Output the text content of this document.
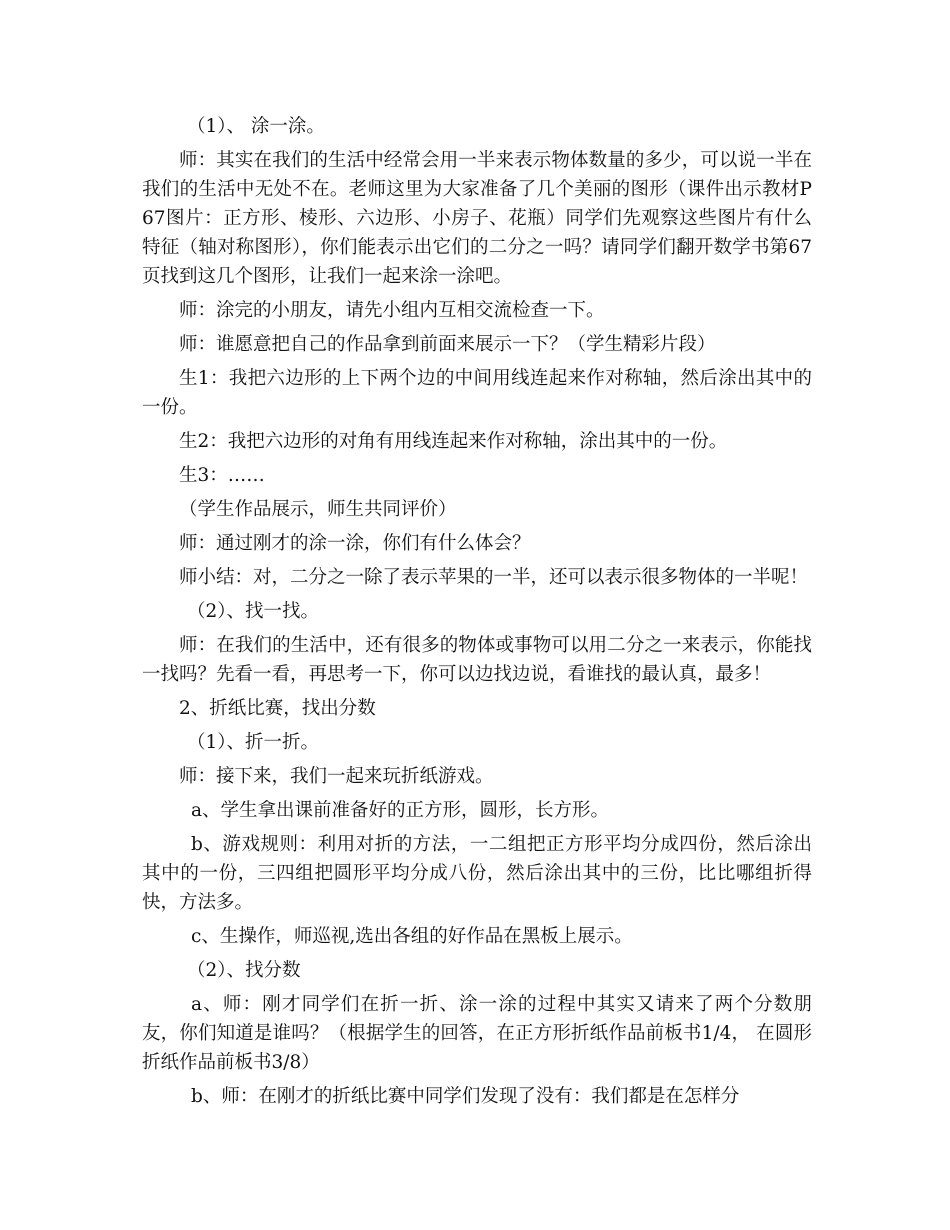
（1）、 涂一涂。

师：其实在我们的生活中经常会用一半来表示物体数量的多少，可以说一半在我们的生活中无处不在。老师这里为大家准备了几个美丽的图形（课件出示教材P67图片：正方形、棱形、六边形、小房子、花瓶）同学们先观察这些图片有什么特征（轴对称图形），你们能表示出它们的二分之一吗？请同学们翻开数学书第67页找到这几个图形，让我们一起来涂一涂吧。

师：涂完的小朋友，请先小组内互相交流检查一下。

师：谁愿意把自己的作品拿到前面来展示一下？（学生精彩片段）

生1：我把六边形的上下两个边的中间用线连起来作对称轴，然后涂出其中的一份。

生2：我把六边形的对角有用线连起来作对称轴，涂出其中的一份。

生3：……

（学生作品展示，师生共同评价）

师：通过刚才的涂一涂，你们有什么体会？

师小结：对，二分之一除了表示苹果的一半，还可以表示很多物体的一半呢！

（2）、找一找。

师：在我们的生活中，还有很多的物体或事物可以用二分之一来表示，你能找一找吗？先看一看，再思考一下，你可以边找边说，看谁找的最认真，最多！

2、折纸比赛，找出分数

（1）、折一折。

师：接下来，我们一起来玩折纸游戏。

a、学生拿出课前准备好的正方形，圆形，长方形。

b、游戏规则：利用对折的方法，一二组把正方形平均分成四份，然后涂出其中的一份，三四组把圆形平均分成八份，然后涂出其中的三份，比比哪组折得快，方法多。

c、生操作，师巡视,选出各组的好作品在黑板上展示。

（2）、找分数

a、师：刚才同学们在折一折、涂一涂的过程中其实又请来了两个分数朋友，你们知道是谁吗？（根据学生的回答，在正方形折纸作品前板书1/4， 在圆形折纸作品前板书3/8）

b、师：在刚才的折纸比赛中同学们发现了没有：我们都是在怎样分
